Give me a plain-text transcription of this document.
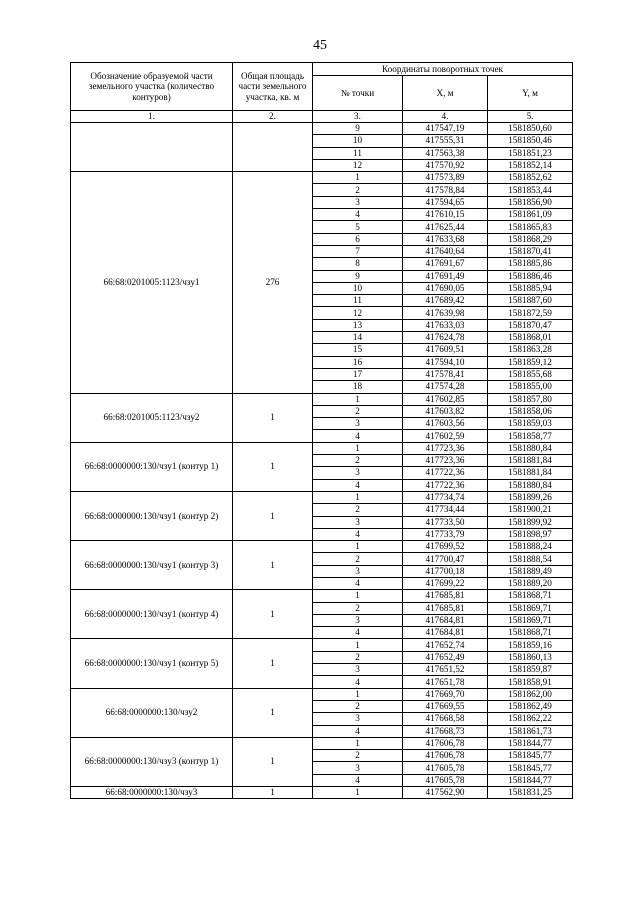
45
Обозначение образуемой части земельного участка (количество контуров)	Общая площадь части земельного участка, кв. м	Координаты поворотных точек		
		№ точки	X, м	Y, м
1.	2.	3.	4.	5.
		9	417547,19	1581850,60
		10	417555,31	1581850,46
		11	417563,38	1581851,23
		12	417570,92	1581852,14
66:68:0201005:1123/чзу1	276	1	417573,89	1581852,62
		2	417578,84	1581853,44
		3	417594,65	1581856,90
		4	417610,15	1581861,09
		5	417625,44	1581865,83
		6	417633,68	1581868,29
		7	417640,64	1581870,41
		8	417691,67	1581885,86
		9	417691,49	1581886,46
		10	417690,05	1581885,94
		11	417689,42	1581887,60
		12	417639,98	1581872,59
		13	417633,03	1581870,47
		14	417624,78	1581868,01
		15	417609,51	1581863,28
		16	417594,10	1581859,12
		17	417578,41	1581855,68
		18	417574,28	1581855,00
66:68:0201005:1123/чзу2	1	1	417602,85	1581857,80
		2	417603,82	1581858,06
		3	417603,56	1581859,03
		4	417602,59	1581858,77
66:68:0000000:130/чзу1 (контур 1)	1	1	417723,36	1581880,84
		2	417723,36	1581881,84
		3	417722,36	1581881,84
		4	417722,36	1581880,84
66:68:0000000:130/чзу1 (контур 2)	1	1	417734,74	1581899,26
		2	417734,44	1581900,21
		3	417733,50	1581899,92
		4	417733,79	1581898,97
66:68:0000000:130/чзу1 (контур 3)	1	1	417699,52	1581888,24
		2	417700,47	1581888,54
		3	417700,18	1581889,49
		4	417699,22	1581889,20
66:68:0000000:130/чзу1 (контур 4)	1	1	417685,81	1581868,71
		2	417685,81	1581869,71
		3	417684,81	1581869,71
		4	417684,81	1581868,71
66:68:0000000:130/чзу1 (контур 5)	1	1	417652,74	1581859,16
		2	417652,49	1581860,13
		3	417651,52	1581859,87
		4	417651,78	1581858,91
66:68:0000000:130/чзу2	1	1	417669,70	1581862,00
		2	417669,55	1581862,49
		3	417668,58	1581862,22
		4	417668,73	1581861,73
66:68:0000000:130/чзу3 (контур 1)	1	1	417606,78	1581844,77
		2	417606,78	1581845,77
		3	417605,78	1581845,77
		4	417605,78	1581844,77
66:68:0000000:130/чзу3	1	1	417562,90	1581831,25
